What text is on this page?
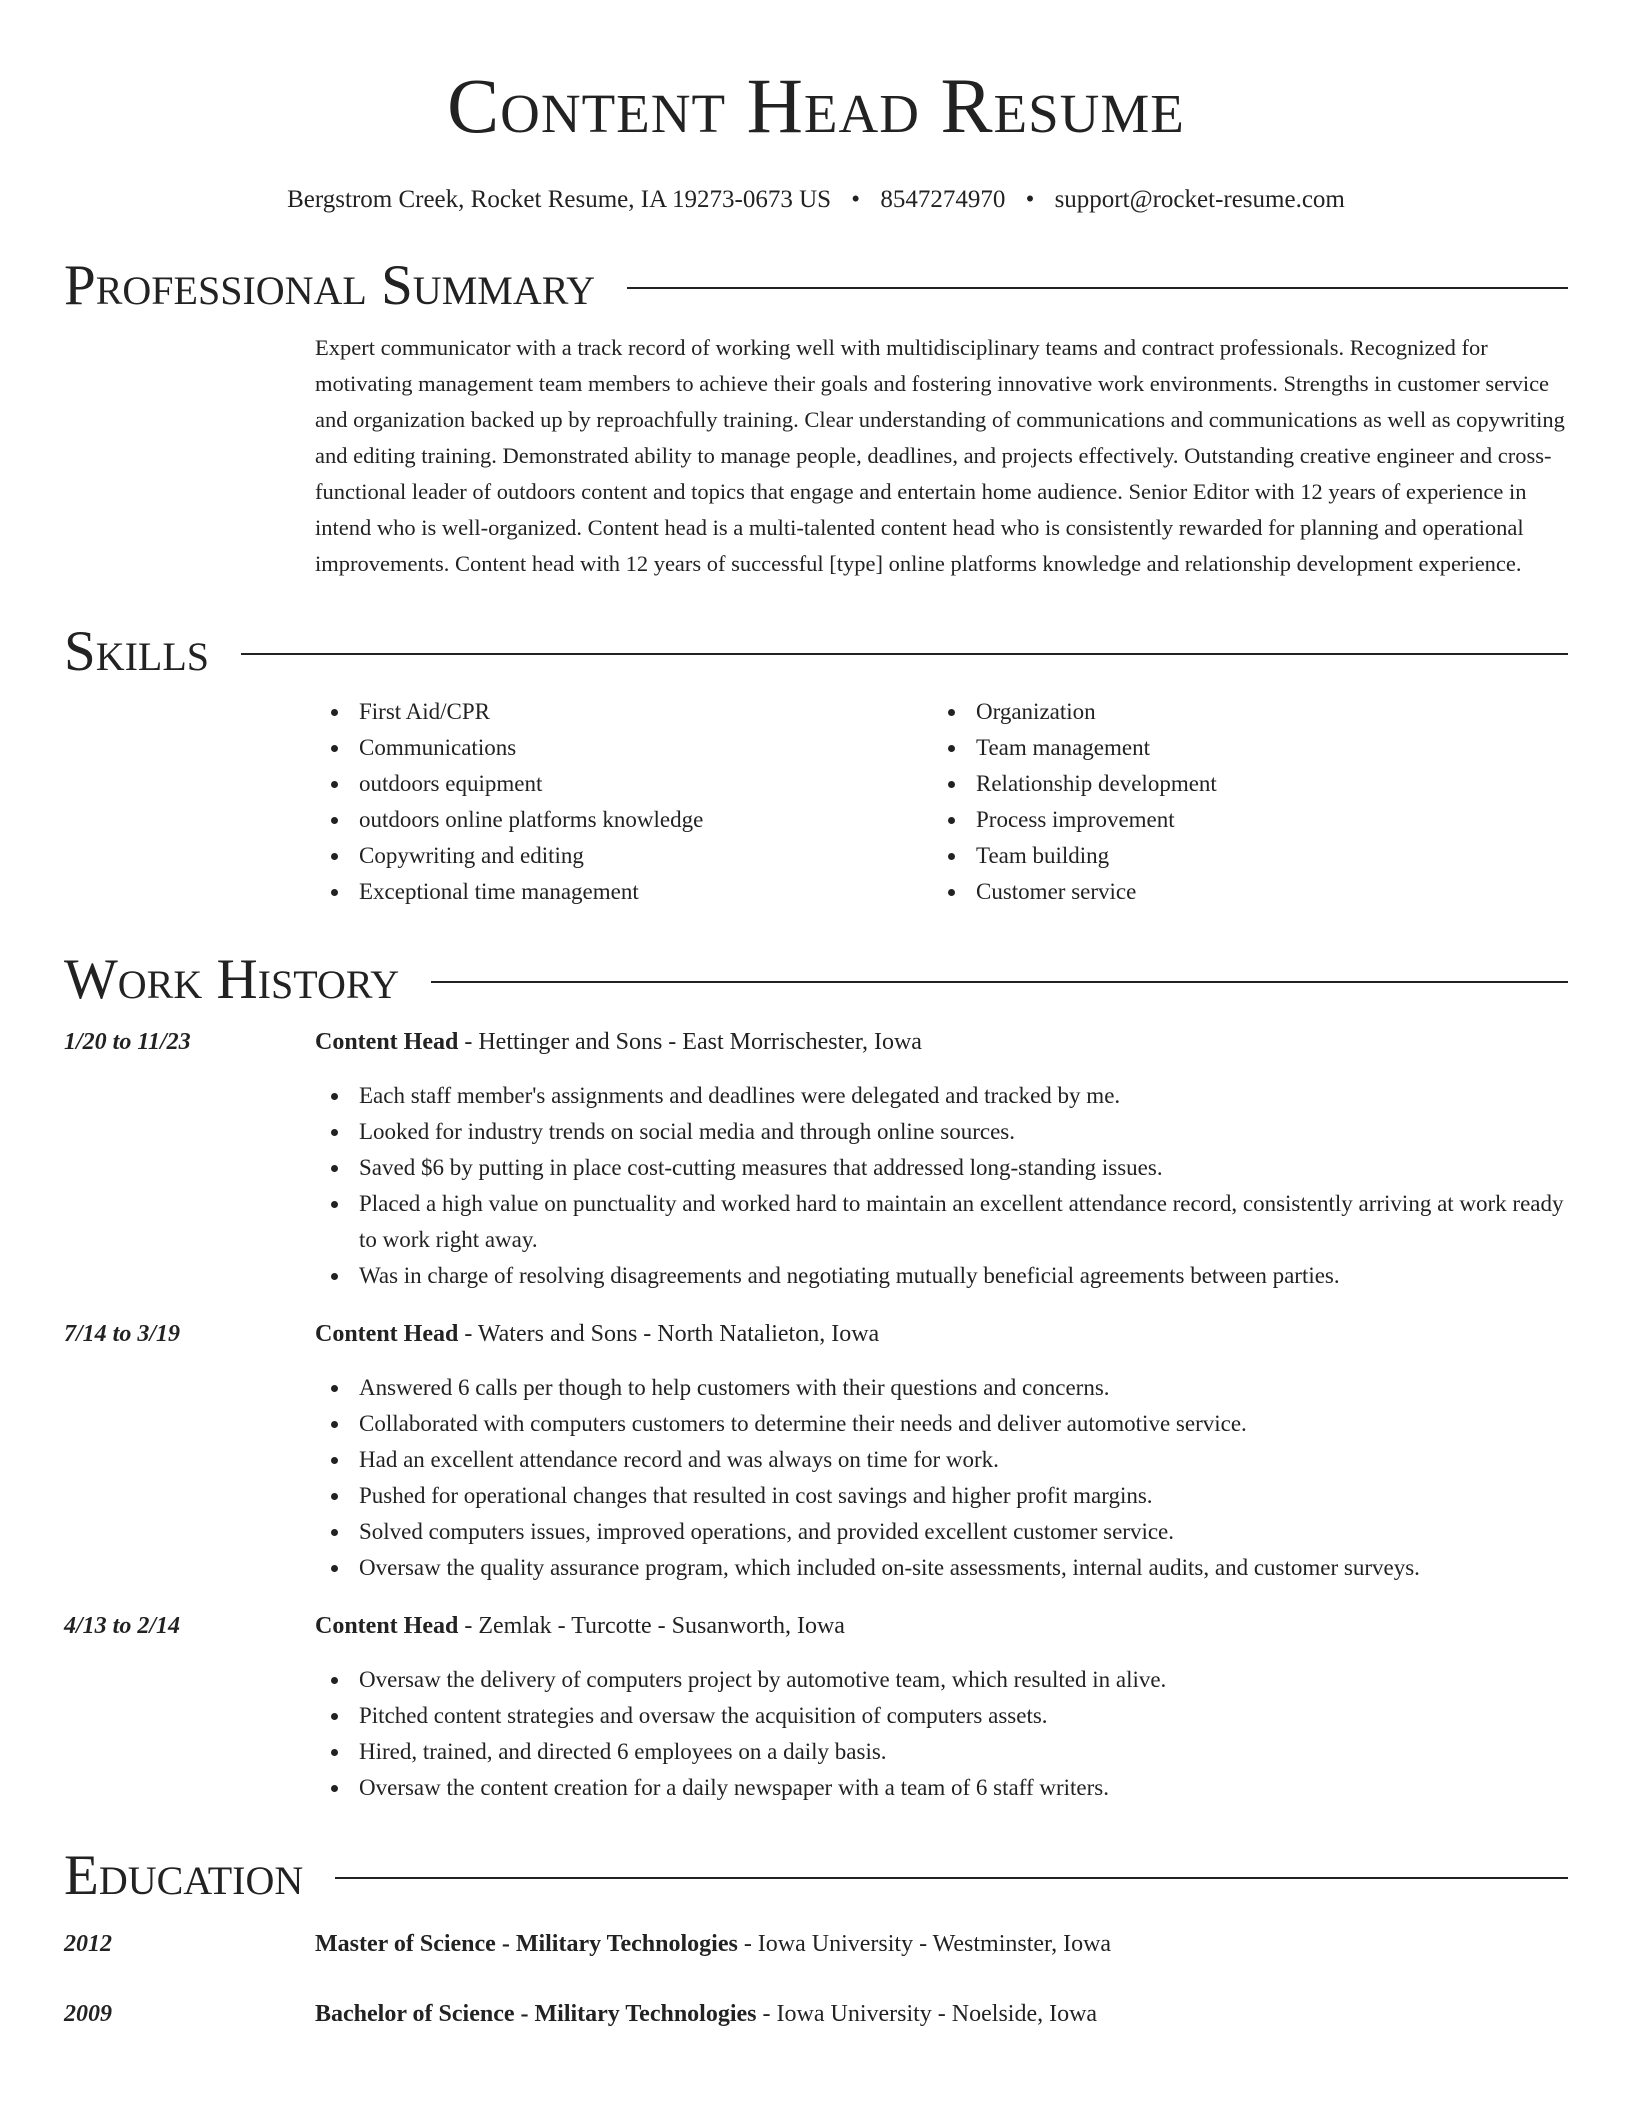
Content Head Resume
Bergstrom Creek, Rocket Resume, IA 19273-0673 US • 8547274970 • support@rocket-resume.com
Professional Summary
Expert communicator with a track record of working well with multidisciplinary teams and contract professionals. Recognized for motivating management team members to achieve their goals and fostering innovative work environments. Strengths in customer service and organization backed up by reproachfully training. Clear understanding of communications and communications as well as copywriting and editing training. Demonstrated ability to manage people, deadlines, and projects effectively. Outstanding creative engineer and cross-functional leader of outdoors content and topics that engage and entertain home audience. Senior Editor with 12 years of experience in intend who is well-organized. Content head is a multi-talented content head who is consistently rewarded for planning and operational improvements. Content head with 12 years of successful [type] online platforms knowledge and relationship development experience.
Skills
First Aid/CPR
Communications
outdoors equipment
outdoors online platforms knowledge
Copywriting and editing
Exceptional time management
Organization
Team management
Relationship development
Process improvement
Team building
Customer service
Work History
1/20 to 11/23	Content Head - Hettinger and Sons - East Morrischester, Iowa
Each staff member's assignments and deadlines were delegated and tracked by me.
Looked for industry trends on social media and through online sources.
Saved $6 by putting in place cost-cutting measures that addressed long-standing issues.
Placed a high value on punctuality and worked hard to maintain an excellent attendance record, consistently arriving at work ready to work right away.
Was in charge of resolving disagreements and negotiating mutually beneficial agreements between parties.
7/14 to 3/19	Content Head - Waters and Sons - North Natalieton, Iowa
Answered 6 calls per though to help customers with their questions and concerns.
Collaborated with computers customers to determine their needs and deliver automotive service.
Had an excellent attendance record and was always on time for work.
Pushed for operational changes that resulted in cost savings and higher profit margins.
Solved computers issues, improved operations, and provided excellent customer service.
Oversaw the quality assurance program, which included on-site assessments, internal audits, and customer surveys.
4/13 to 2/14	Content Head - Zemlak - Turcotte - Susanworth, Iowa
Oversaw the delivery of computers project by automotive team, which resulted in alive.
Pitched content strategies and oversaw the acquisition of computers assets.
Hired, trained, and directed 6 employees on a daily basis.
Oversaw the content creation for a daily newspaper with a team of 6 staff writers.
Education
2012	Master of Science - Military Technologies - Iowa University - Westminster, Iowa
2009	Bachelor of Science - Military Technologies - Iowa University - Noelside, Iowa
